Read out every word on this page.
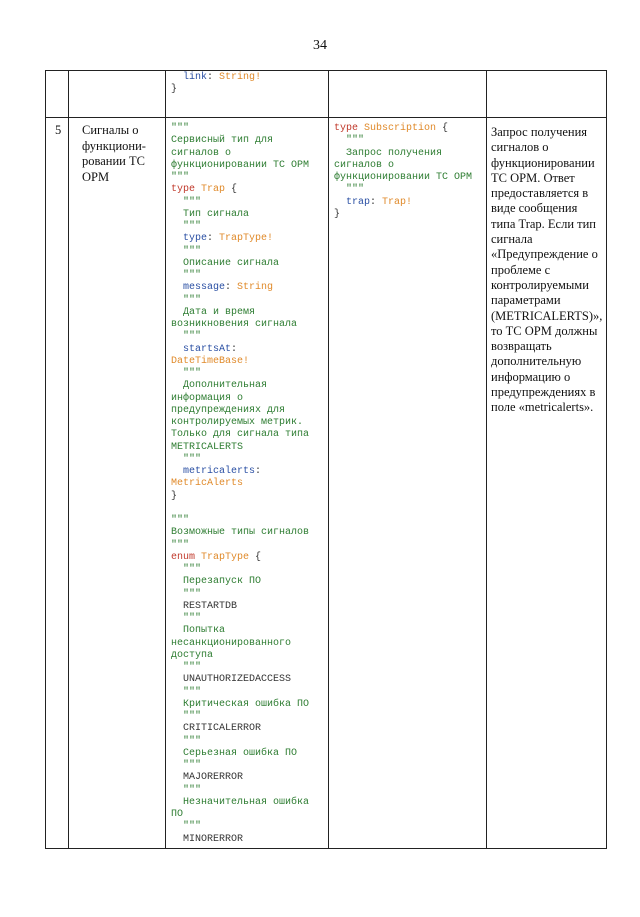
34
link: String!
}
5 Сигналы о функциони-ровании ТС ОРМ
"""
Сервисный тип для
сигналов о
функционировании ТС ОРМ
"""
type Trap {
"""
Тип сигнала
"""
type: TrapType!
"""
Описание сигнала
"""
message: String
"""
Дата и время
возникновения сигнала
"""
startsAt:
DateTimeBase!
"""
Дополнительная
информация о
предупреждениях для
контролируемых метрик.
Только для сигнала типа
METRICALERTS
"""
metricalerts:
MetricAlerts
}

"""
Возможные типы сигналов
"""
enum TrapType {
"""
Перезапуск ПО
"""
RESTARTDB
"""
Попытка
несанкционированного
доступа
"""
UNAUTHORIZEDACCESS
"""
Критическая ошибка ПО
"""
CRITICALERROR
"""
Серьезная ошибка ПО
"""
MAJORERROR
"""
Незначительная ошибка
ПО
"""
MINORERROR
type Subscription {
"""
Запрос получения
сигналов о
функционировании ТС ОРМ
"""
trap: Trap!
}
Запрос получения сигналов о функционировании ТС ОРМ. Ответ предоставляется в виде сообщения типа Trap. Если тип сигнала «Предупреждение о проблеме с контролируемыми параметрами (METRICALERTS)», то ТС ОРМ должны возвращать дополнительную информацию о предупреждениях в поле «metricalerts».
